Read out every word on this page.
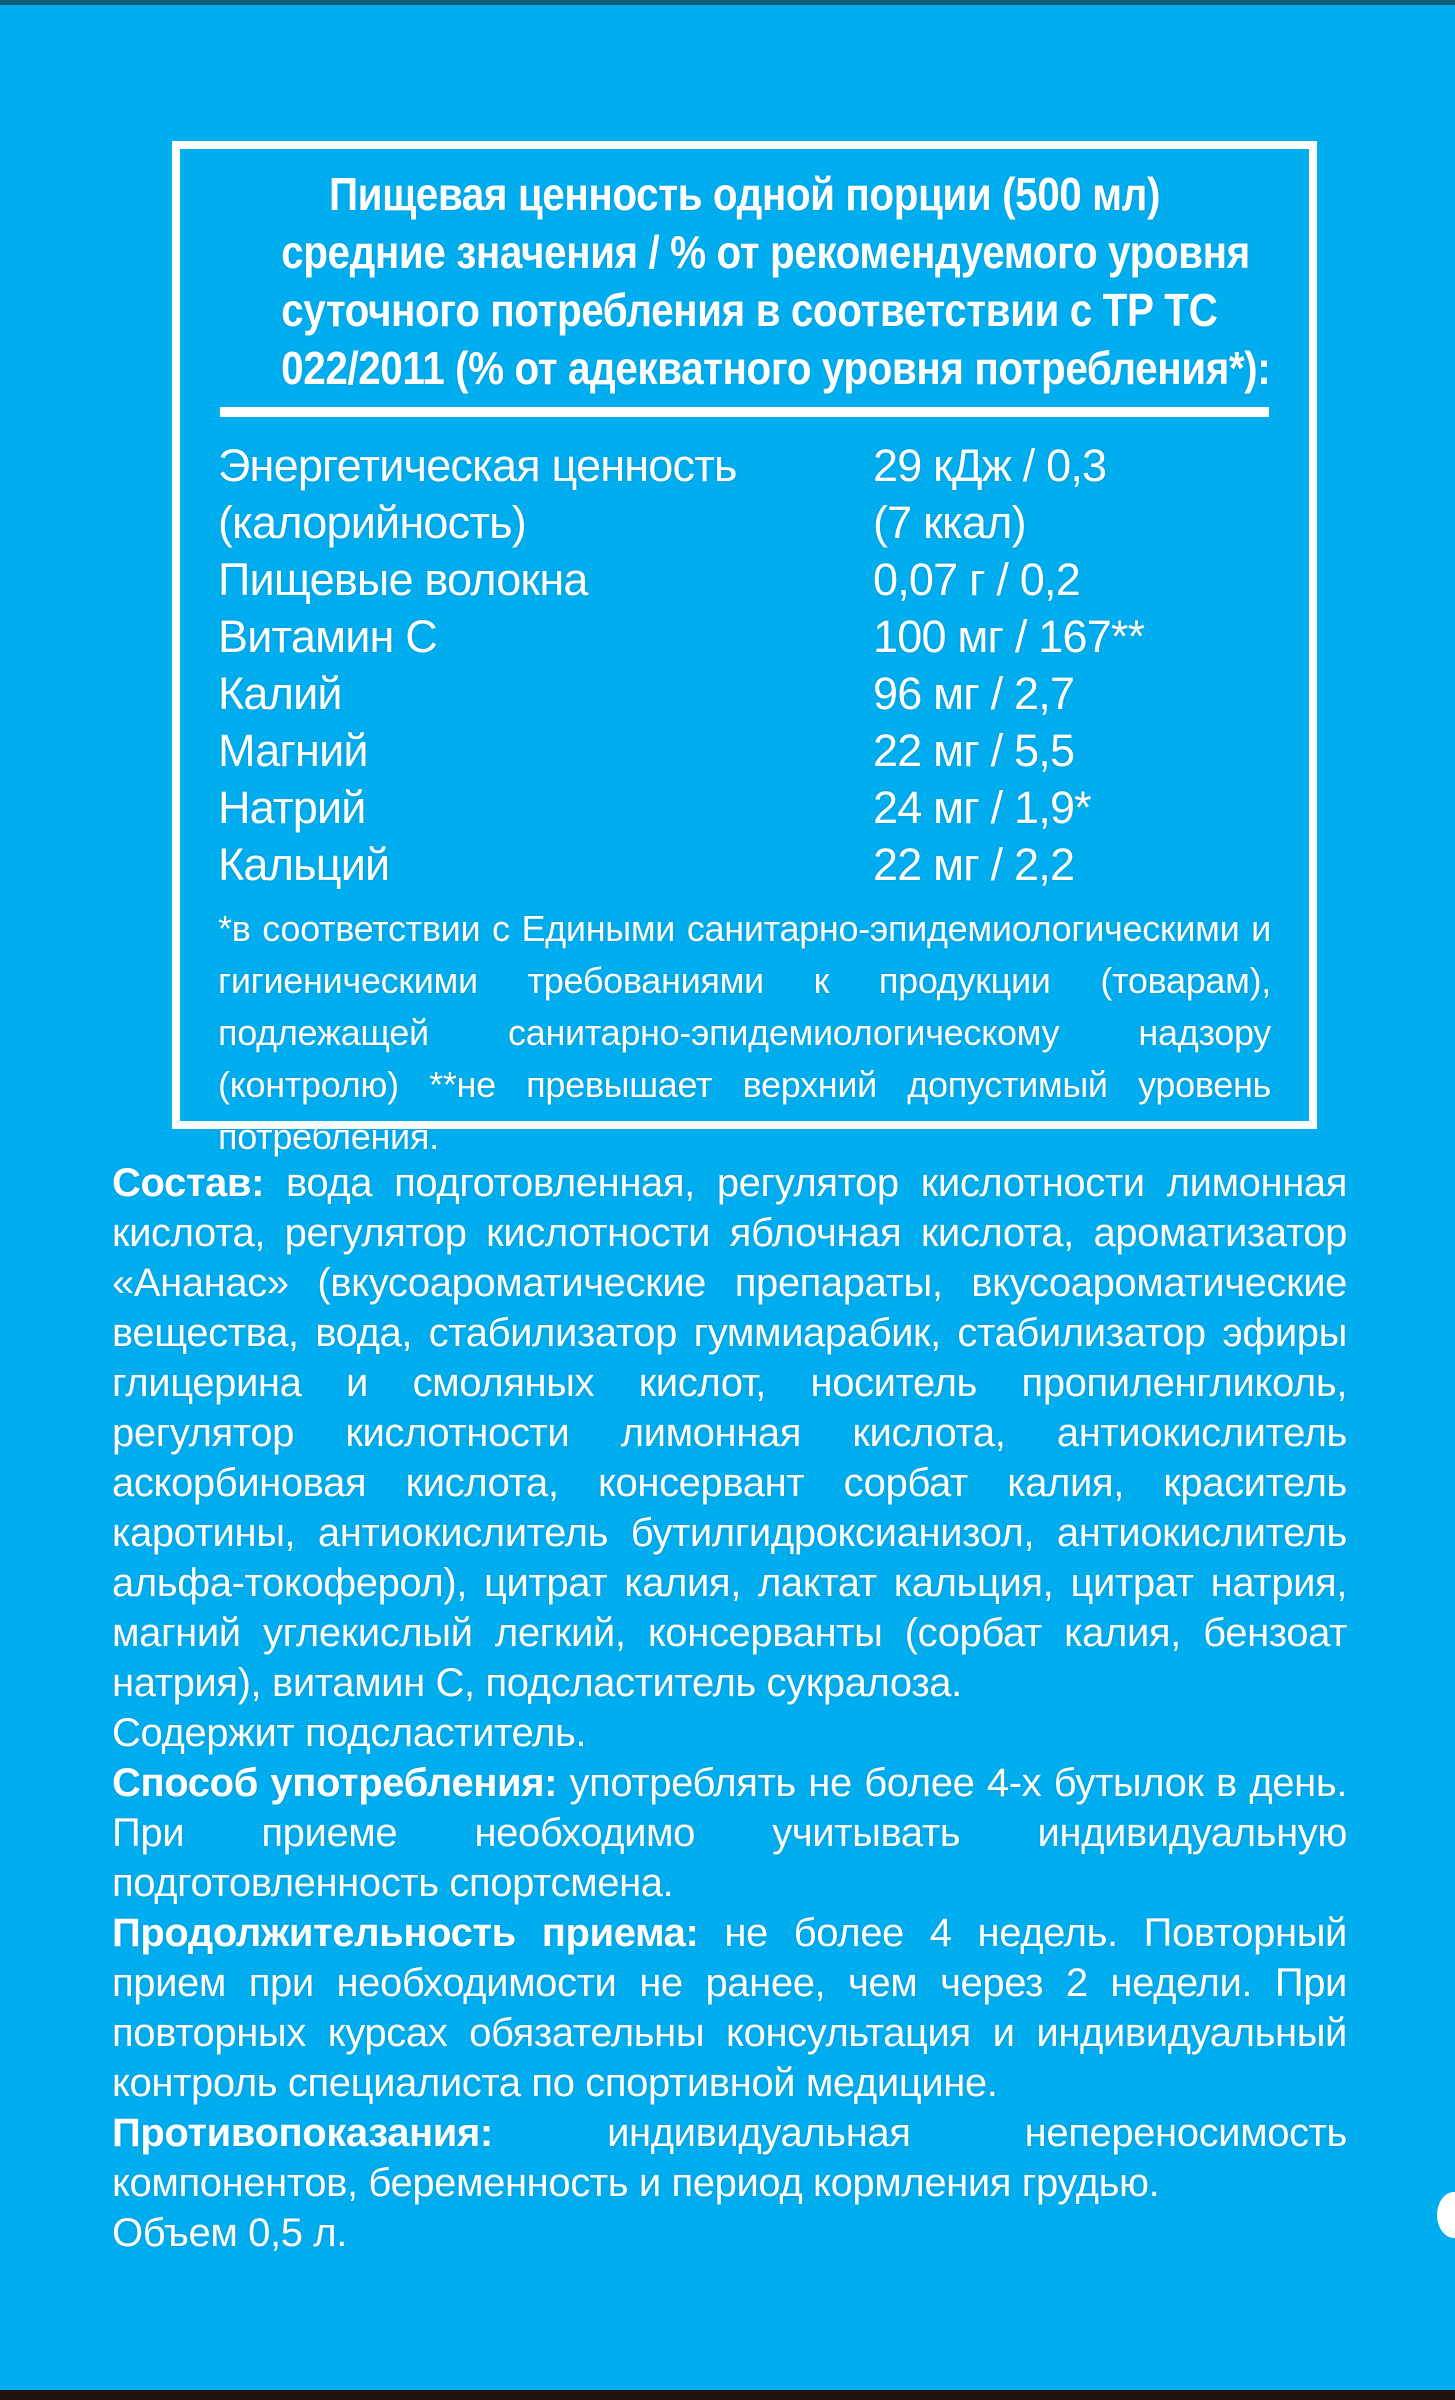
Пищевая ценность одной порции (500 мл)
средние значения / % от рекомендуемого уровня
суточного потребления в соответствии с ТР ТС
022/2011 (% от адекватного уровня потребления*):
Энергетическая ценность	29 кДж / 0,3
(калорийность)	(7 ккал)
Пищевые волокна	0,07 г / 0,2
Витамин C	100 мг / 167**
Калий	96 мг / 2,7
Магний	22 мг / 5,5
Натрий	24 мг / 1,9*
Кальций	22 мг / 2,2
*в соответствии с Едиными санитарно-эпидемиологическими и гигиеническими требованиями к продукции (товарам), подлежащей санитарно-эпидемиологическому надзору (контролю) **не превышает верхний допустимый уровень потребления.

Состав: вода подготовленная, регулятор кислотности лимонная кислота, регулятор кислотности яблочная кислота, ароматизатор «Ананас» (вкусоароматические препараты, вкусоароматические вещества, вода, стабилизатор гуммиарабик, стабилизатор эфиры глицерина и смоляных кислот, носитель пропиленгликоль, регулятор кислотности лимонная кислота, антиокислитель аскорбиновая кислота, консервант сорбат калия, краситель каротины, антиокислитель бутилгидроксианизол, антиокислитель альфа-токоферол), цитрат калия, лактат кальция, цитрат натрия, магний углекислый легкий, консерванты (сорбат калия, бензоат натрия), витамин С, подсластитель сукралоза.

Содержит подсластитель.

Способ употребления: употреблять не более 4-х бутылок в день. При приеме необходимо учитывать индивидуальную подготовленность спортсмена.

Продолжительность приема: не более 4 недель. Повторный прием при необходимости не ранее, чем через 2 недели. При повторных курсах обязательны консультация и индивидуальный контроль специалиста по спортивной медицине.

Противопоказания:	индивидуальная непереносимость компонентов, беременность и период кормления грудью.

Объем 0,5 л.
